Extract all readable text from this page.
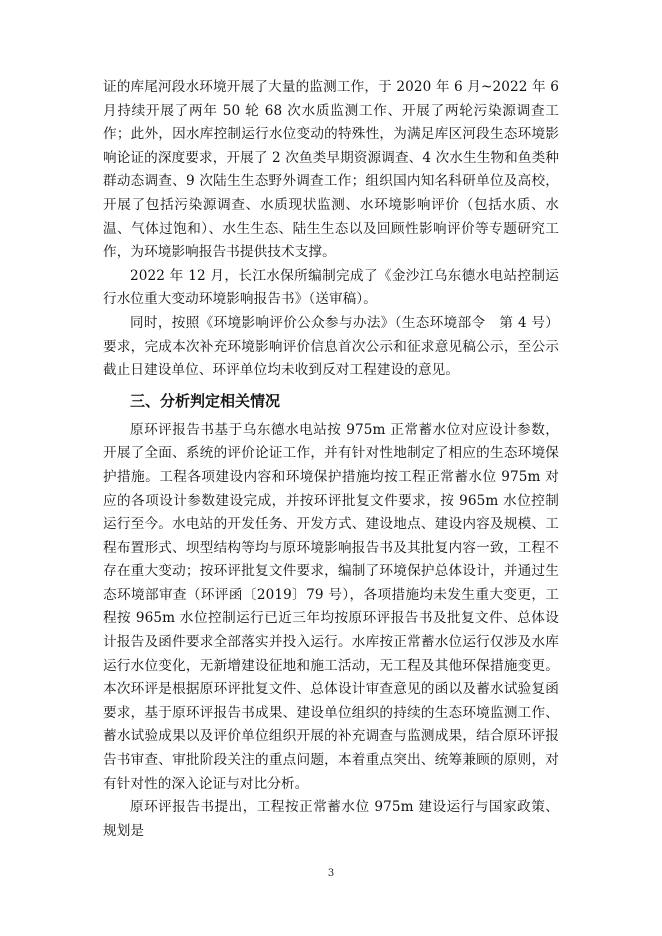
证的库尾河段水环境开展了大量的监测工作，于 2020 年 6 月~2022 年 6 月持续开展了两年 50 轮 68 次水质监测工作、开展了两轮污染源调查工作；此外，因水库控制运行水位变动的特殊性，为满足库区河段生态环境影响论证的深度要求，开展了 2 次鱼类早期资源调查、4 次水生生物和鱼类种群动态调查、9 次陆生生态野外调查工作；组织国内知名科研单位及高校，开展了包括污染源调查、水质现状监测、水环境影响评价（包括水质、水温、气体过饱和）、水生生态、陆生生态以及回顾性影响评价等专题研究工作，为环境影响报告书提供技术支撑。

2022 年 12 月，长江水保所编制完成了《金沙江乌东德水电站控制运行水位重大变动环境影响报告书》（送审稿）。

同时，按照《环境影响评价公众参与办法》（生态环境部令　第 4 号）要求，完成本次补充环境影响评价信息首次公示和征求意见稿公示，至公示截止日建设单位、环评单位均未收到反对工程建设的意见。

三、分析判定相关情况

原环评报告书基于乌东德水电站按 975m 正常蓄水位对应设计参数，开展了全面、系统的评价论证工作，并有针对性地制定了相应的生态环境保护措施。工程各项建设内容和环境保护措施均按工程正常蓄水位 975m 对应的各项设计参数建设完成，并按环评批复文件要求，按 965m 水位控制运行至今。水电站的开发任务、开发方式、建设地点、建设内容及规模、工程布置形式、坝型结构等均与原环境影响报告书及其批复内容一致，工程不存在重大变动；按环评批复文件要求，编制了环境保护总体设计，并通过生态环境部审查（环评函〔2019〕79 号），各项措施均未发生重大变更，工程按 965m 水位控制运行已近三年均按原环评报告书及批复文件、总体设计报告及函件要求全部落实并投入运行。水库按正常蓄水位运行仅涉及水库运行水位变化，无新增建设征地和施工活动，无工程及其他环保措施变更。本次环评是根据原环评批复文件、总体设计审查意见的函以及蓄水试验复函要求，基于原环评报告书成果、建设单位组织的持续的生态环境监测工作、蓄水试验成果以及评价单位组织开展的补充调查与监测成果，结合原环评报告书审查、审批阶段关注的重点问题，本着重点突出、统筹兼顾的原则，对有针对性的深入论证与对比分析。

原环评报告书提出，工程按正常蓄水位 975m 建设运行与国家政策、规划是

3
